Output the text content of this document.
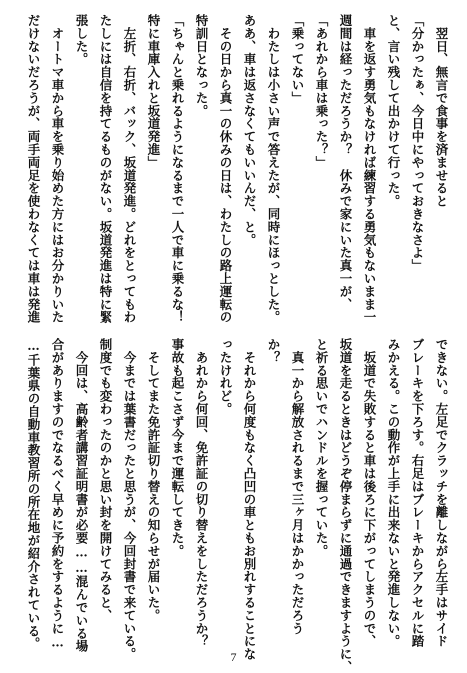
　翌日、無言で食事を済ませると
「分かったぁ、今日中にやっておきなさよ」
と、言い残して出かけて行った。
　車を返す勇気もなければ練習する勇気もないまま一
週間は経っただろうか？　休みで家にいた真一が、
「あれから車は乗った？」
「乗ってない」
　わたしは小さい声で答えたが、同時にほっとした。
ああ、車は返さなくてもいいんだ、と。
　その日から真一の休みの日は、わたしの路上運転の
特訓日となった。
「ちゃんと乗れるようになるまで一人で車に乗るな！
特に車庫入れと坂道発進」
　左折、右折、バック、坂道発進。どれをとってもわ
たしには自信を持てるものがない。坂道発進は特に緊
張した。
　オートマ車から車を乗り始めた方にはお分かりいた
だけないだろうが、両手両足を使わなくては車は発進
できない。左足でクラッチを離しながら左手はサイド
ブレーキを下ろす。右足はブレーキからアクセルに踏
みかえる。この動作が上手に出来ないと発進しない。
　坂道で失敗すると車は後ろに下がってしまうので、
坂道を走るときはどうぞ停まらずに通過できますように、
と祈る思いでハンドルを握っていた。
　真一から解放されるまで三ヶ月はかかっただろう
か？
　それから何度もなく凸凹の車ともお別れすることにな
ったけれど。
　あれから何回、免許証の切り替えをしただろうか？
事故も起こさず今まで運転してきた。
　そしてまた免許証切り替えの知らせが届いた。
　今までは葉書だったと思うが、今回封書で来ている。
制度でも変わったのかと思い封を開けてみると、
　今回は、高齢者講習証明書が必要……混んでいる場
合がありますのでなるべく早めに予約をするように…
…千葉県の自動車教習所の所在地が紹介されている。
7
